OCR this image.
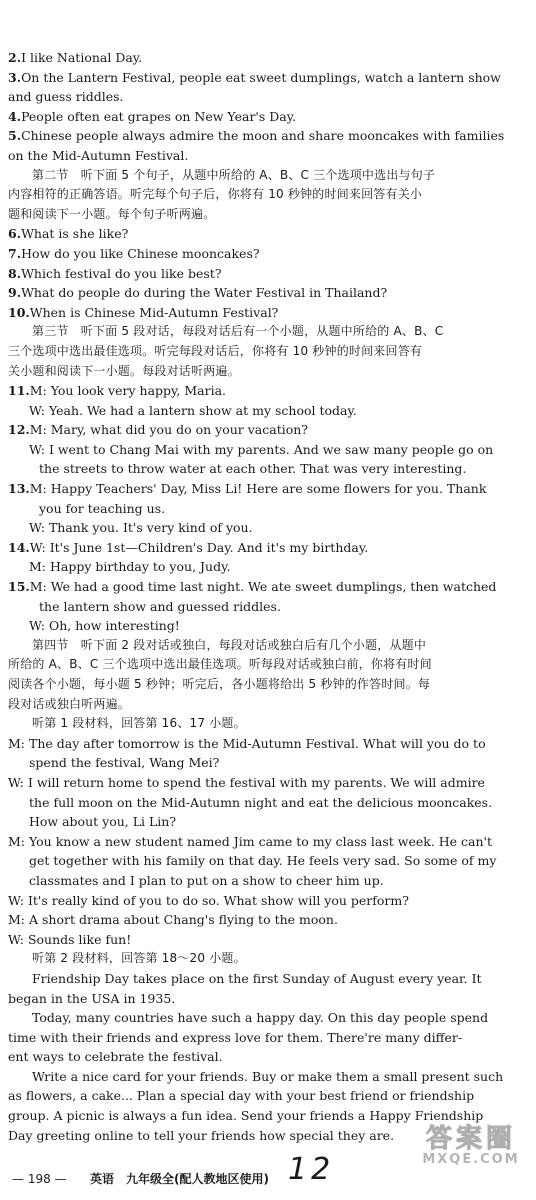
2.I like National Day.
3.On the Lantern Festival, people eat sweet dumplings, watch a lantern show
and guess riddles.
4.People often eat grapes on New Year's Day.
5.Chinese people always admire the moon and share mooncakes with families
on the Mid-Autumn Festival.
第二节　听下面 5 个句子，从题中所给的 A、B、C 三个选项中选出与句子
内容相符的正确答语。听完每个句子后，你将有 10 秒钟的时间来回答有关小
题和阅读下一小题。每个句子听两遍。
6.What is she like?
7.How do you like Chinese mooncakes?
8.Which festival do you like best?
9.What do people do during the Water Festival in Thailand?
10.When is Chinese Mid-Autumn Festival?
第三节　听下面 5 段对话，每段对话后有一个小题，从题中所给的 A、B、C
三个选项中选出最佳选项。听完每段对话后，你将有 10 秒钟的时间来回答有
关小题和阅读下一小题。每段对话听两遍。
11.M: You look very happy, Maria.
W: Yeah. We had a lantern show at my school today.
12.M: Mary, what did you do on your vacation?
W: I went to Chang Mai with my parents. And we saw many people go on
the streets to throw water at each other. That was very interesting.
13.M: Happy Teachers' Day, Miss Li! Here are some flowers for you. Thank
you for teaching us.
W: Thank you. It's very kind of you.
14.W: It's June 1st—Children's Day. And it's my birthday.
M: Happy birthday to you, Judy.
15.M: We had a good time last night. We ate sweet dumplings, then watched
the lantern show and guessed riddles.
W: Oh, how interesting!
第四节　听下面 2 段对话或独白，每段对话或独白后有几个小题，从题中
所给的 A、B、C 三个选项中选出最佳选项。听每段对话或独白前，你将有时间
阅读各个小题，每小题 5 秒钟；听完后，各小题将给出 5 秒钟的作答时间。每
段对话或独白听两遍。
听第 1 段材料，回答第 16、17 小题。
M: The day after tomorrow is the Mid-Autumn Festival. What will you do to
spend the festival, Wang Mei?
W: I will return home to spend the festival with my parents. We will admire
the full moon on the Mid-Autumn night and eat the delicious mooncakes.
How about you, Li Lin?
M: You know a new student named Jim came to my class last week. He can't
get together with his family on that day. He feels very sad. So some of my
classmates and I plan to put on a show to cheer him up.
W: It's really kind of you to do so. What show will you perform?
M: A short drama about Chang's flying to the moon.
W: Sounds like fun!
听第 2 段材料，回答第 18～20 小题。
Friendship Day takes place on the first Sunday of August every year. It
began in the USA in 1935.
Today, many countries have such a happy day. On this day people spend
time with their friends and express love for them. There're many differ-
ent ways to celebrate the festival.
Write a nice card for your friends. Buy or make them a small present such
as flowers, a cake... Plan a special day with your best friend or friendship
group. A picnic is always a fun idea. Send your friends a Happy Friendship
Day greeting online to tell your friends how special they are.
— 198 — 英语　九年级全(配人教地区使用) 12
答案圈
MXQE.COM
